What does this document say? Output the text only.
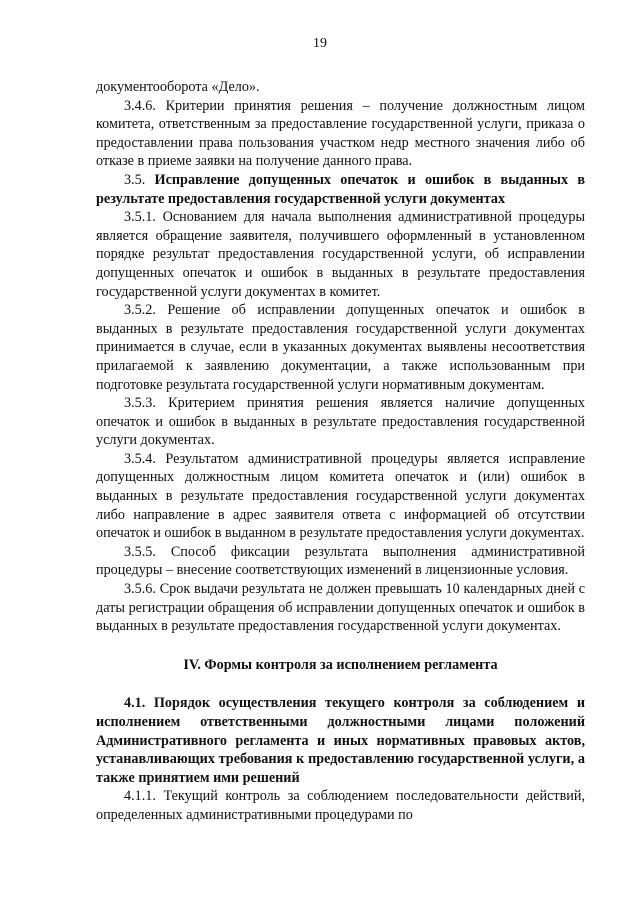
19

документооборота «Дело».

3.4.6. Критерии принятия решения – получение должностным лицом комитета, ответственным за предоставление государственной услуги, приказа о предоставлении права пользования участком недр местного значения либо об отказе в приеме заявки на получение данного права.

3.5. Исправление допущенных опечаток и ошибок в выданных в результате предоставления государственной услуги документах

3.5.1. Основанием для начала выполнения административной процедуры является обращение заявителя, получившего оформленный в установленном порядке результат предоставления государственной услуги, об исправлении допущенных опечаток и ошибок в выданных в результате предоставления государственной услуги документах в комитет.

3.5.2. Решение об исправлении допущенных опечаток и ошибок в выданных в результате предоставления государственной услуги документах принимается в случае, если в указанных документах выявлены несоответствия прилагаемой к заявлению документации, а также использованным при подготовке результата государственной услуги нормативным документам.

3.5.3. Критерием принятия решения является наличие допущенных опечаток и ошибок в выданных в результате предоставления государственной услуги документах.

3.5.4. Результатом административной процедуры является исправление допущенных должностным лицом комитета опечаток и (или) ошибок в выданных в результате предоставления государственной услуги документах либо направление в адрес заявителя ответа с информацией об отсутствии опечаток и ошибок в выданном в результате предоставления услуги документах.

3.5.5. Способ фиксации результата выполнения административной процедуры – внесение соответствующих изменений в лицензионные условия.

3.5.6. Срок выдачи результата не должен превышать 10 календарных дней с даты регистрации обращения об исправлении допущенных опечаток и ошибок в выданных в результате предоставления государственной услуги документах.

IV. Формы контроля за исполнением регламента

4.1. Порядок осуществления текущего контроля за соблюдением и исполнением ответственными должностными лицами положений Административного регламента и иных нормативных правовых актов, устанавливающих требования к предоставлению государственной услуги, а также принятием ими решений

4.1.1. Текущий контроль за соблюдением последовательности действий, определенных административными процедурами по
